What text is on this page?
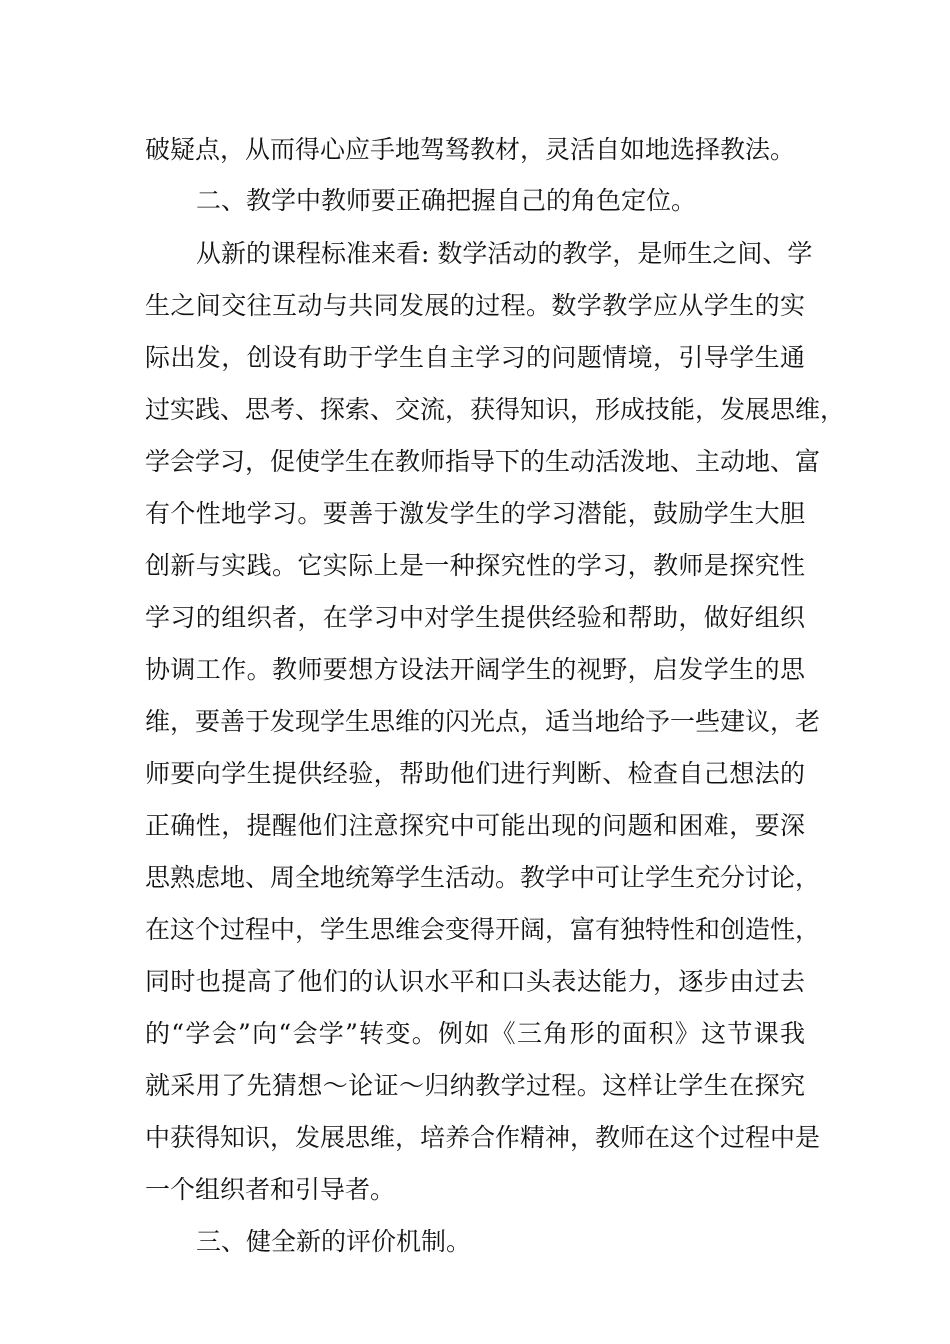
破疑点，从而得心应手地驾驽教材，灵活自如地选择教法。
二、教学中教师要正确把握自己的角色定位。
从新的课程标准来看: 数学活动的教学，是师生之间、学
生之间交往互动与共同发展的过程。数学教学应从学生的实
际出发，创设有助于学生自主学习的问题情境，引导学生通
过实践、思考、探索、交流，获得知识，形成技能，发展思维，
学会学习，促使学生在教师指导下的生动活泼地、主动地、富
有个性地学习。要善于激发学生的学习潜能，鼓励学生大胆
创新与实践。它实际上是一种探究性的学习，教师是探究性
学习的组织者，在学习中对学生提供经验和帮助，做好组织
协调工作。教师要想方设法开阔学生的视野，启发学生的思
维，要善于发现学生思维的闪光点，适当地给予一些建议，老
师要向学生提供经验，帮助他们进行判断、检查自己想法的
正确性，提醒他们注意探究中可能出现的问题和困难，要深
思熟虑地、周全地统筹学生活动。教学中可让学生充分讨论，
在这个过程中，学生思维会变得开阔，富有独特性和创造性，
同时也提高了他们的认识水平和口头表达能力，逐步由过去
的“学会”向“会学”转变。例如《三角形的面积》这节课我
就采用了先猜想～论证～归纳教学过程。这样让学生在探究
中获得知识，发展思维，培养合作精神，教师在这个过程中是
一个组织者和引导者。
三、健全新的评价机制。
